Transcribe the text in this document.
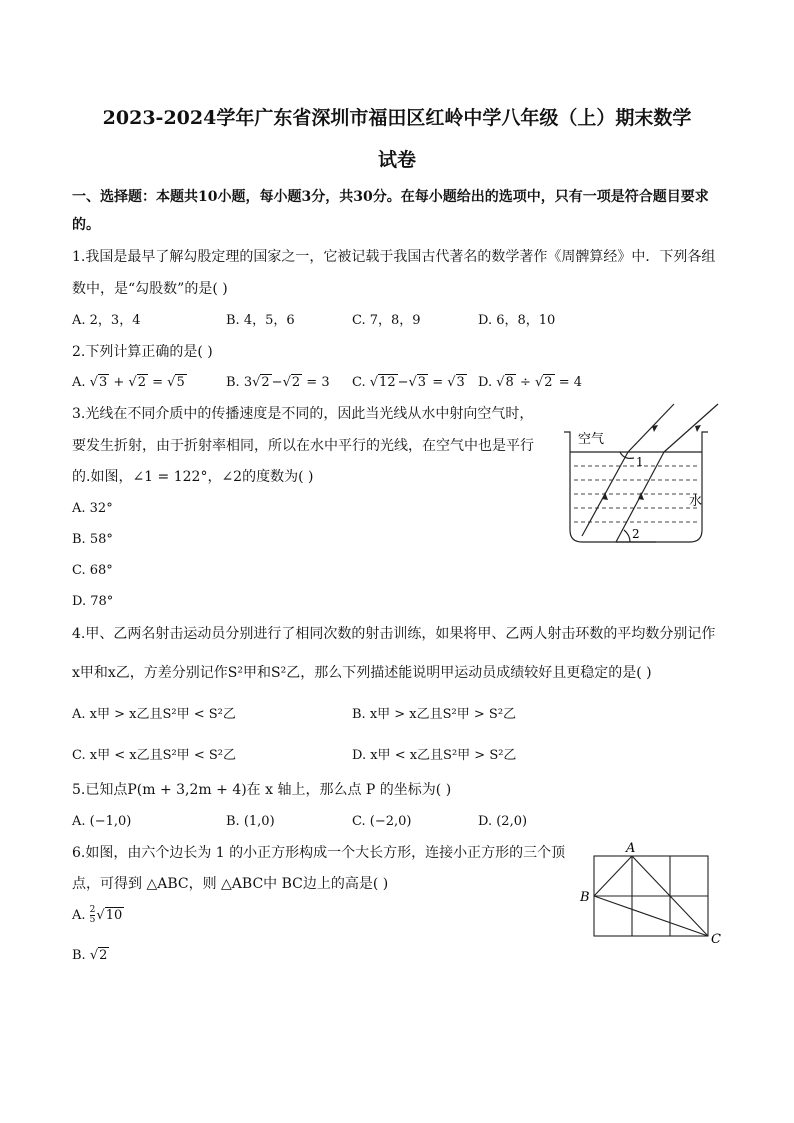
2023-2024学年广东省深圳市福田区红岭中学八年级（上）期末数学
试卷
一、选择题：本题共10小题，每小题3分，共30分。在每小题给出的选项中，只有一项是符合题目要求
的。
1.我国是最早了解勾股定理的国家之一，它被记载于我国古代著名的数学著作《周髀算经》中．下列各组
数中，是“勾股数”的是( )
A. 2，3，4	B. 4，5，6	C. 7，8，9	D. 6，8，10
2.下列计算正确的是( )
A. √3 + √2 = √5	B. 3√2 −√2 = 3 C. √12 −√3 = √3 D. √8 ÷ √2 = 4
3.光线在不同介质中的传播速度是不同的，因此当光线从水中射向空气时，
要发生折射，由于折射率相同，所以在水中平行的光线，在空气中也是平行
的.如图，∠1 = 122°，∠2的度数为( )
A. 32°
B. 58°
C. 68°
D. 78°
空气
水
1
2
4.甲、乙两名射击运动员分别进行了相同次数的射击训练，如果将甲、乙两人射击环数的平均数分别记作
x甲和x乙，方差分别记作S²甲和S²乙，那么下列描述能说明甲运动员成绩较好且更稳定的是( )
A. x甲 > x乙且S²甲 < S²乙	B. x甲 > x乙且S²甲 > S²乙
C. x甲 < x乙且S²甲 < S²乙	D. x甲 < x乙且S²甲 > S²乙
5.已知点P(m + 3,2m + 4)在 x 轴上，那么点 P 的坐标为( )
A. (−1,0)	B. (1,0)	C. (−2,0)	D. (2,0)
6.如图，由六个边长为 1 的小正方形构成一个大长方形，连接小正方形的三个顶
点，可得到 △ABC，则 △ABC中 BC边上的高是( )
A. $\frac{2}{5} √10$
B. √2
A
B
C
